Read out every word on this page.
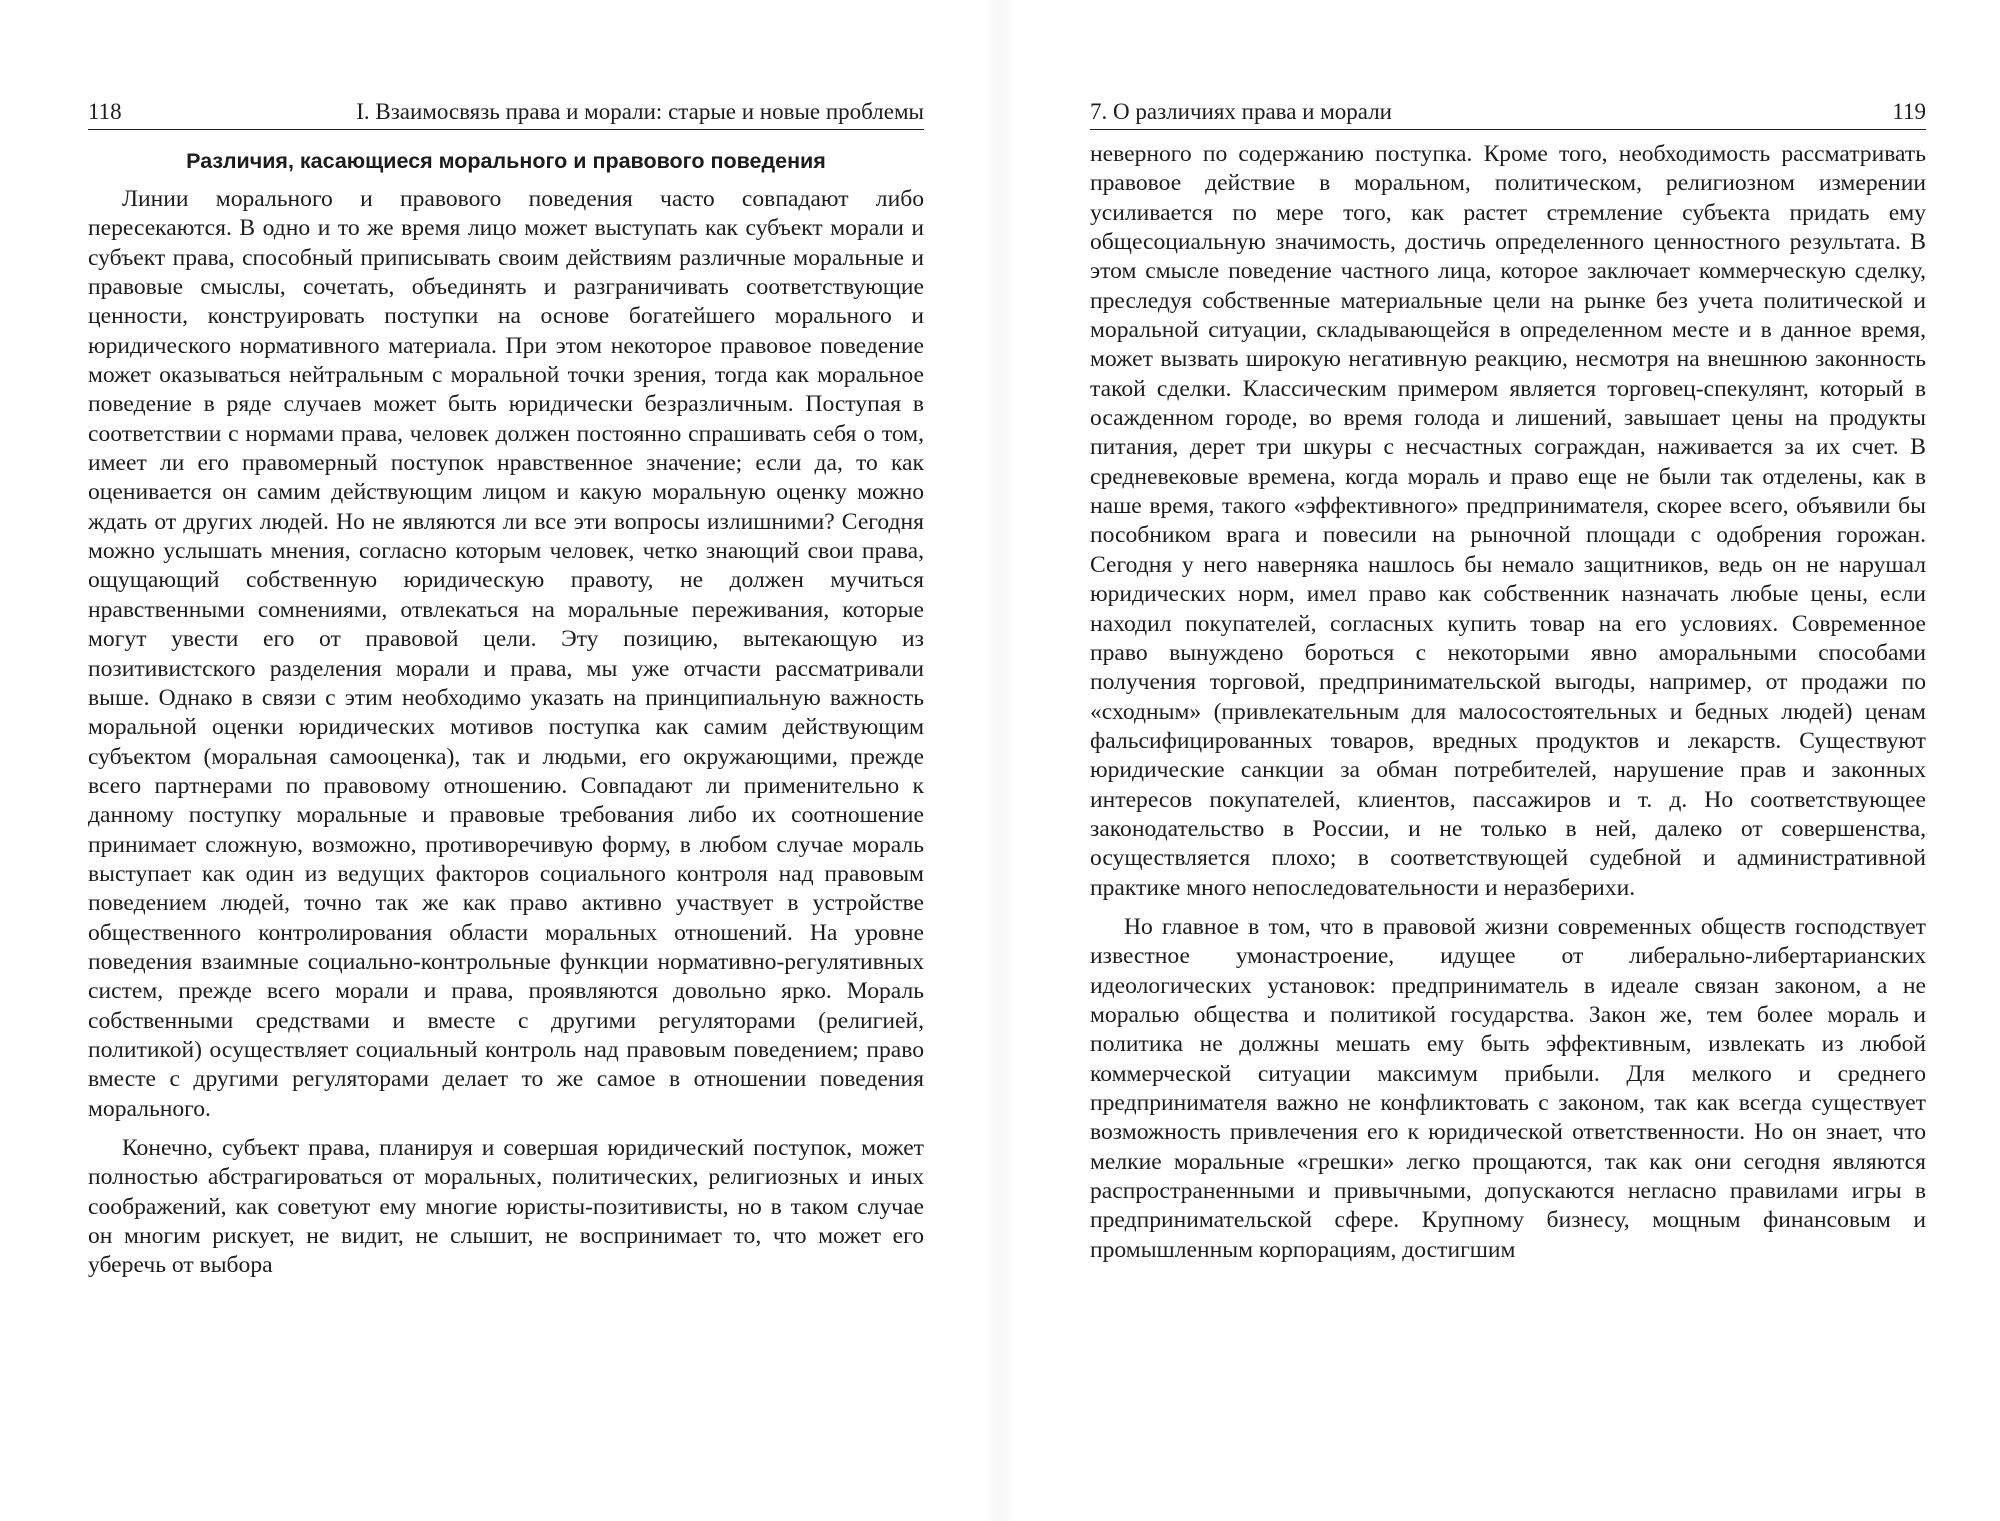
118	I. Взаимосвязь права и морали: старые и новые проблемы
Различия, касающиеся морального и правового поведения

Линии морального и правового поведения часто совпадают либо пересекаются. В одно и то же время лицо может выступать как субъект морали и субъект права, способный приписывать своим действиям различные моральные и правовые смыслы, сочетать, объединять и разграничивать соответствующие ценности, конструировать поступки на основе богатейшего морального и юридического нормативного материала. При этом некоторое правовое поведение может оказываться нейтральным с моральной точки зрения, тогда как моральное поведение в ряде случаев может быть юридически безразличным. Поступая в соответствии с нормами права, человек должен постоянно спрашивать себя о том, имеет ли его правомерный поступок нравственное значение; если да, то как оценивается он самим действующим лицом и какую моральную оценку можно ждать от других людей. Но не являются ли все эти вопросы излишними? Сегодня можно услышать мнения, согласно которым человек, четко знающий свои права, ощущающий собственную юридическую правоту, не должен мучиться нравственными сомнениями, отвлекаться на моральные переживания, которые могут увести его от правовой цели. Эту позицию, вытекающую из позитивистского разделения морали и права, мы уже отчасти рассматривали выше. Однако в связи с этим необходимо указать на принципиальную важность моральной оценки юридических мотивов поступка как самим действующим субъектом (моральная самооценка), так и людьми, его окружающими, прежде всего партнерами по правовому отношению. Совпадают ли применительно к данному поступку моральные и правовые требования либо их соотношение принимает сложную, возможно, противоречивую форму, в любом случае мораль выступает как один из ведущих факторов социального контроля над правовым поведением людей, точно так же как право активно участвует в устройстве общественного контролирования области моральных отношений. На уровне поведения взаимные социально-контрольные функции нормативно-регулятивных систем, прежде всего морали и права, проявляются довольно ярко. Мораль собственными средствами и вместе с другими регуляторами (религией, политикой) осуществляет социальный контроль над правовым поведением; право вместе с другими регуляторами делает то же самое в отношении поведения морального.

Конечно, субъект права, планируя и совершая юридический поступок, может полностью абстрагироваться от моральных, политических, религиозных и иных соображений, как советуют ему многие юристы-позитивисты, но в таком случае он многим рискует, не видит, не слышит, не воспринимает то, что может его уберечь от выбора

7. О различиях права и морали	119

неверного по содержанию поступка. Кроме того, необходимость рассматривать правовое действие в моральном, политическом, религиозном измерении усиливается по мере того, как растет стремление субъекта придать ему общесоциальную значимость, достичь определенного ценностного результата. В этом смысле поведение частного лица, которое заключает коммерческую сделку, преследуя собственные материальные цели на рынке без учета политической и моральной ситуации, складывающейся в определенном месте и в данное время, может вызвать широкую негативную реакцию, несмотря на внешнюю законность такой сделки. Классическим примером является торговец-спекулянт, который в осажденном городе, во время голода и лишений, завышает цены на продукты питания, дерет три шкуры с несчастных сограждан, наживается за их счет. В средневековые времена, когда мораль и право еще не были так отделены, как в наше время, такого «эффективного» предпринимателя, скорее всего, объявили бы пособником врага и повесили на рыночной площади с одобрения горожан. Сегодня у него наверняка нашлось бы немало защитников, ведь он не нарушал юридических норм, имел право как собственник назначать любые цены, если находил покупателей, согласных купить товар на его условиях. Современное право вынуждено бороться с некоторыми явно аморальными способами получения торговой, предпринимательской выгоды, например, от продажи по «сходным» (привлекательным для малосостоятельных и бедных людей) ценам фальсифицированных товаров, вредных продуктов и лекарств. Существуют юридические санкции за обман потребителей, нарушение прав и законных интересов покупателей, клиентов, пассажиров и т. д. Но соответствующее законодательство в России, и не только в ней, далеко от совершенства, осуществляется плохо; в соответствующей судебной и административной практике много непоследовательности и неразберихи.

Но главное в том, что в правовой жизни современных обществ господствует известное умонастроение, идущее от либерально-либертарианских идеологических установок: предприниматель в идеале связан законом, а не моралью общества и политикой государства. Закон же, тем более мораль и политика не должны мешать ему быть эффективным, извлекать из любой коммерческой ситуации максимум прибыли. Для мелкого и среднего предпринимателя важно не конфликтовать с законом, так как всегда существует возможность привлечения его к юридической ответственности. Но он знает, что мелкие моральные «грешки» легко прощаются, так как они сегодня являются распространенными и привычными, допускаются негласно правилами игры в предпринимательской сфере. Крупному бизнесу, мощным финансовым и промышленным корпорациям, достигшим
